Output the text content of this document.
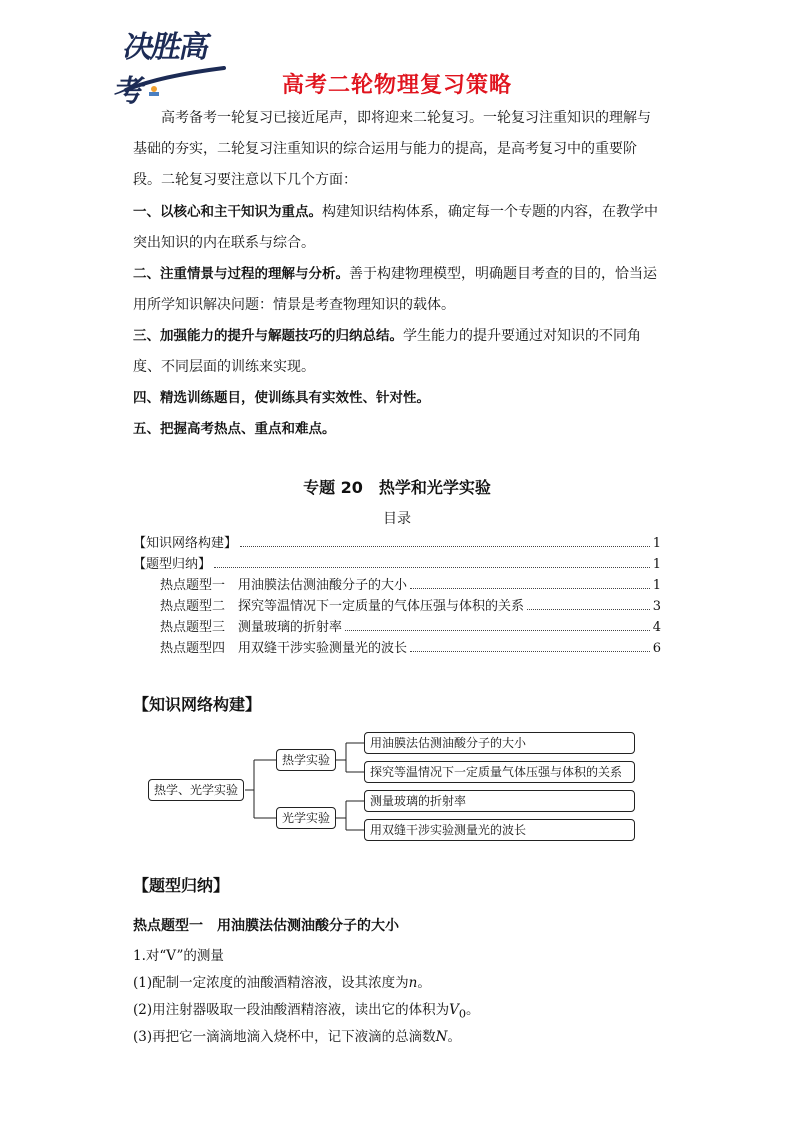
决胜高考	高考二轮物理复习策略

高考备考一轮复习已接近尾声，即将迎来二轮复习。一轮复习注重知识的理解与基础的夯实，二轮复习注重知识的综合运用与能力的提高，是高考复习中的重要阶段。二轮复习要注意以下几个方面：

一、以核心和主干知识为重点。构建知识结构体系，确定每一个专题的内容，在教学中突出知识的内在联系与综合。

二、注重情景与过程的理解与分析。善于构建物理模型，明确题目考查的目的，恰当运用所学知识解决问题：情景是考查物理知识的载体。

三、加强能力的提升与解题技巧的归纳总结。学生能力的提升要通过对知识的不同角度、不同层面的训练来实现。

四、精选训练题目，使训练具有实效性、针对性。

五、把握高考热点、重点和难点。

专题 20　热学和光学实验
目录
【知识网络构建】	1
【题型归纳】	1
热点题型一　用油膜法估测油酸分子的大小	1
热点题型二　探究等温情况下一定质量的气体压强与体积的关系	3
热点题型三　测量玻璃的折射率	4
热点题型四　用双缝干涉实验测量光的波长	6
【知识网络构建】
热学、光学实验
热学实验
光学实验
用油膜法估测油酸分子的大小
探究等温情况下一定质量气体压强与体积的关系
测量玻璃的折射率
用双缝干涉实验测量光的波长
【题型归纳】
热点题型一　用油膜法估测油酸分子的大小
1.对“V”的测量
(1)配制一定浓度的油酸酒精溶液，设其浓度为n。
(2)用注射器吸取一段油酸酒精溶液，读出它的体积为$V_0$。
(3)再把它一滴滴地滴入烧杯中，记下液滴的总滴数N。
